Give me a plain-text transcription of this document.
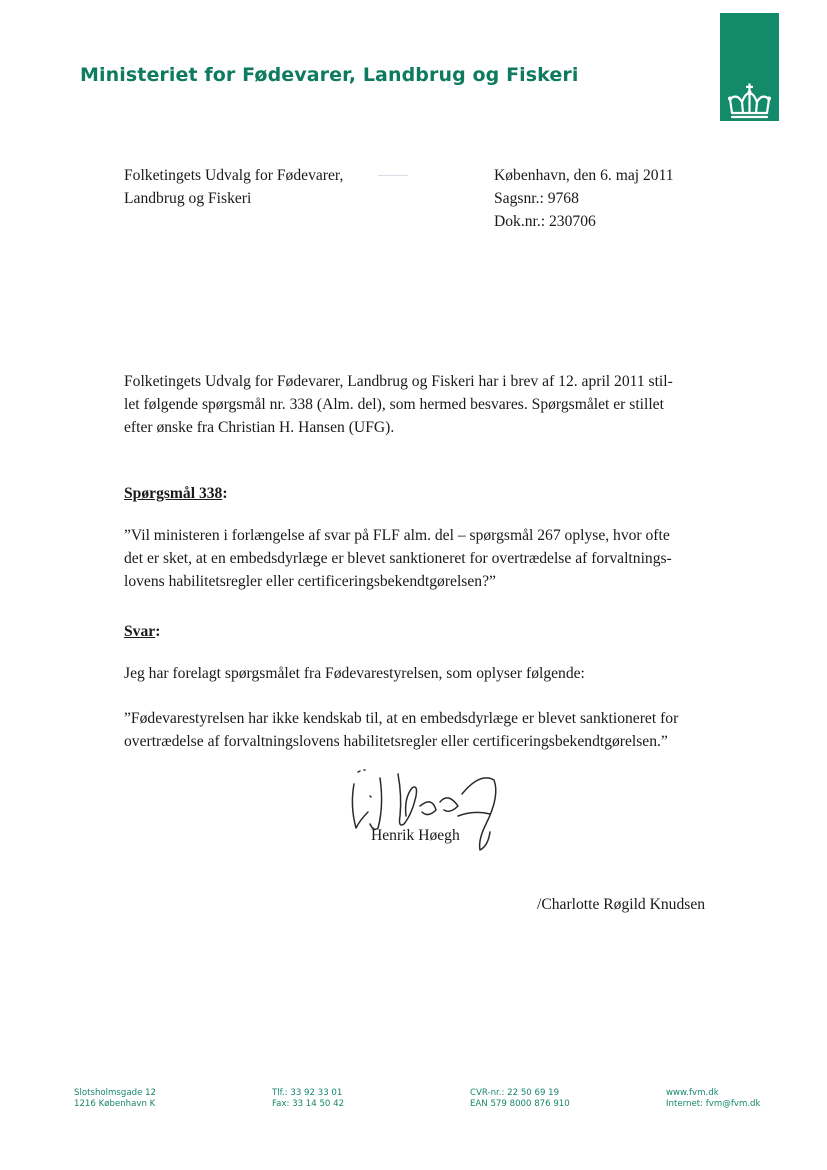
Ministeriet for Fødevarer, Landbrug og Fiskeri
Folketingets Udvalg for Fødevarer,
Landbrug og Fiskeri
København, den 6. maj 2011
Sagsnr.: 9768
Dok.nr.: 230706
Folketingets Udvalg for Fødevarer, Landbrug og Fiskeri har i brev af 12. april 2011 stil-
let følgende spørgsmål nr. 338 (Alm. del), som hermed besvares. Spørgsmålet er stillet
efter ønske fra Christian H. Hansen (UFG).
Spørgsmål 338:
”Vil ministeren i forlængelse af svar på FLF alm. del – spørgsmål 267 oplyse, hvor ofte
det er sket, at en embedsdyrlæge er blevet sanktioneret for overtrædelse af forvaltnings-
lovens habilitetsregler eller certificeringsbekendtgørelsen?”
Svar:
Jeg har forelagt spørgsmålet fra Fødevarestyrelsen, som oplyser følgende:
”Fødevarestyrelsen har ikke kendskab til, at en embedsdyrlæge er blevet sanktioneret for
overtrædelse af forvaltningslovens habilitetsregler eller certificeringsbekendtgørelsen.”
Henrik Høegh
/Charlotte Røgild Knudsen
Slotsholmsgade 12
1216 København K
Tlf.: 33 92 33 01
Fax: 33 14 50 42
CVR-nr.: 22 50 69 19
EAN 579 8000 876 910
www.fvm.dk
Internet: fvm@fvm.dk
